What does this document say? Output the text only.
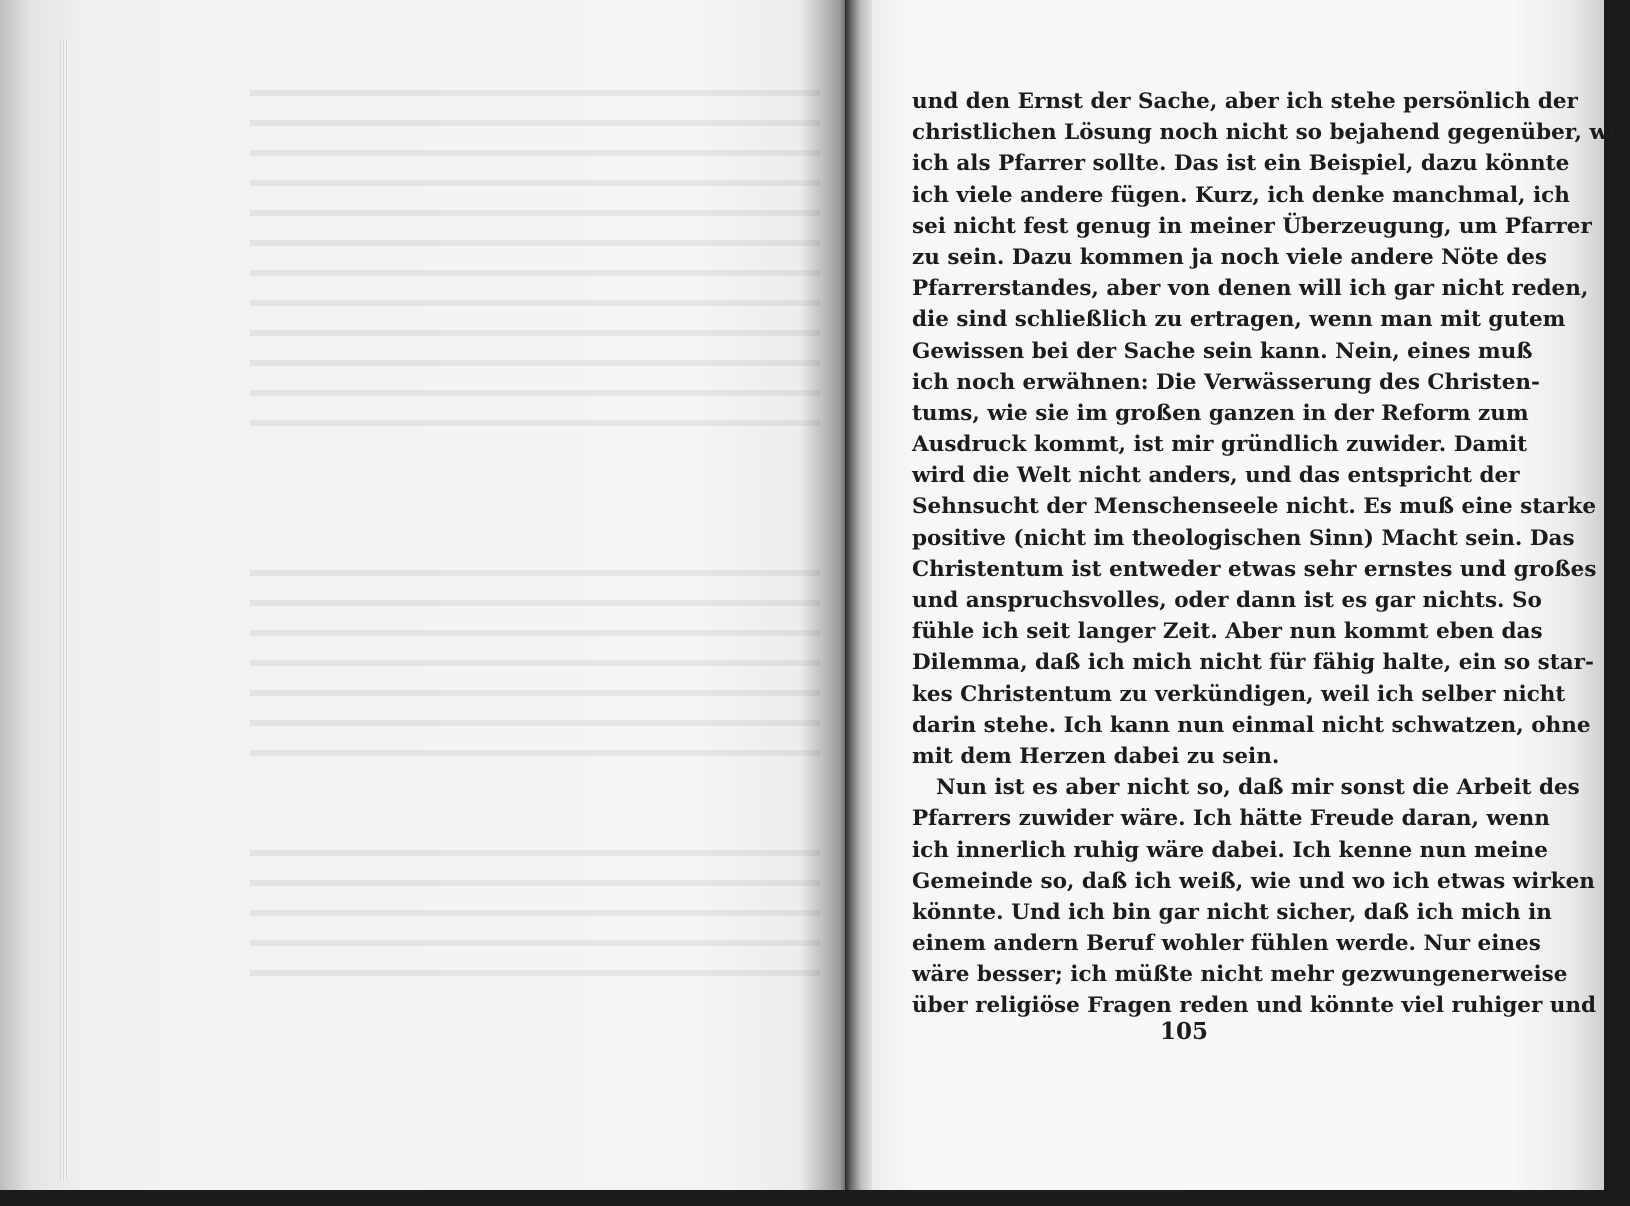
und den Ernst der Sache, aber ich stehe persönlich der
christlichen Lösung noch nicht so bejahend gegenüber, wie
ich als Pfarrer sollte. Das ist ein Beispiel, dazu könnte
ich viele andere fügen. Kurz, ich denke manchmal, ich
sei nicht fest genug in meiner Überzeugung, um Pfarrer
zu sein. Dazu kommen ja noch viele andere Nöte des
Pfarrerstandes, aber von denen will ich gar nicht reden,
die sind schließlich zu ertragen, wenn man mit gutem
Gewissen bei der Sache sein kann. Nein, eines muß
ich noch erwähnen: Die Verwässerung des Christen-
tums, wie sie im großen ganzen in der Reform zum
Ausdruck kommt, ist mir gründlich zuwider. Damit
wird die Welt nicht anders, und das entspricht der
Sehnsucht der Menschenseele nicht. Es muß eine starke
positive (nicht im theologischen Sinn) Macht sein. Das
Christentum ist entweder etwas sehr ernstes und großes
und anspruchsvolles, oder dann ist es gar nichts. So
fühle ich seit langer Zeit. Aber nun kommt eben das
Dilemma, daß ich mich nicht für fähig halte, ein so star-
kes Christentum zu verkündigen, weil ich selber nicht
darin stehe. Ich kann nun einmal nicht schwatzen, ohne
mit dem Herzen dabei zu sein.
Nun ist es aber nicht so, daß mir sonst die Arbeit des
Pfarrers zuwider wäre. Ich hätte Freude daran, wenn
ich innerlich ruhig wäre dabei. Ich kenne nun meine
Gemeinde so, daß ich weiß, wie und wo ich etwas wirken
könnte. Und ich bin gar nicht sicher, daß ich mich in
einem andern Beruf wohler fühlen werde. Nur eines
wäre besser; ich müßte nicht mehr gezwungenerweise
über religiöse Fragen reden und könnte viel ruhiger und
105
